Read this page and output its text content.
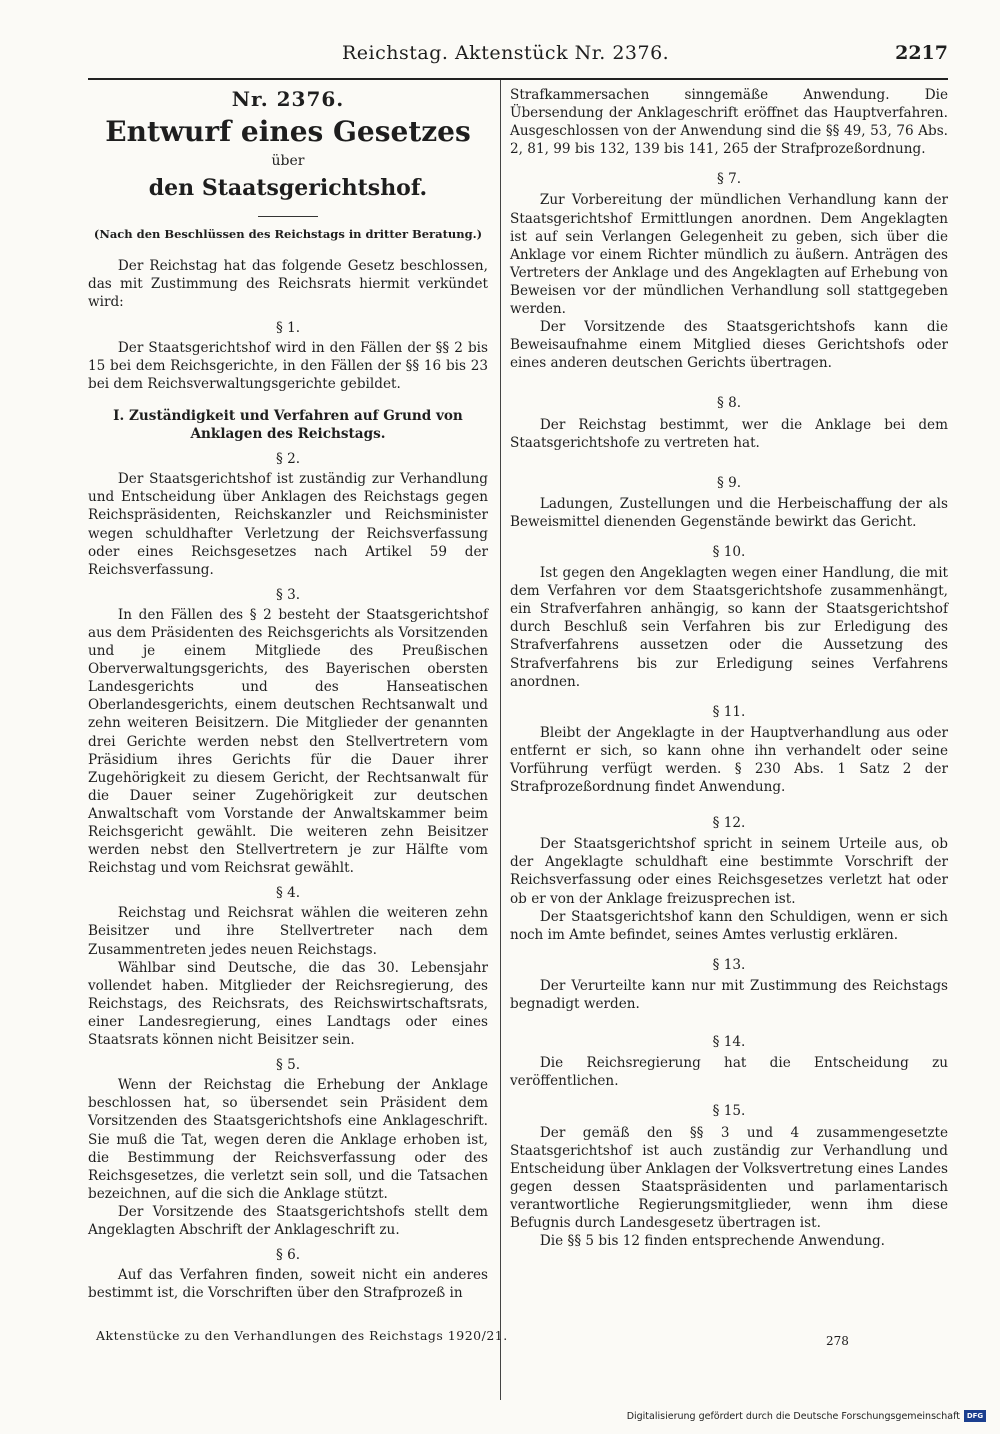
Reichstag. Aktenstück Nr. 2376.	2217
Nr. 2376.
Entwurf eines Gesetzes
über
den Staatsgerichtshof.
(Nach den Beschlüssen des Reichstags in dritter Beratung.)

Der Reichstag hat das folgende Gesetz beschlossen, das mit Zustimmung des Reichsrats hiermit verkündet wird:

§ 1.

Der Staatsgerichtshof wird in den Fällen der §§ 2 bis 15 bei dem Reichsgerichte, in den Fällen der §§ 16 bis 23 bei dem Reichsverwaltungsgerichte gebildet.

I. Zuständigkeit und Verfahren auf Grund von Anklagen des Reichstags.
§ 2.

Der Staatsgerichtshof ist zuständig zur Verhandlung und Entscheidung über Anklagen des Reichstags gegen Reichspräsidenten, Reichskanzler und Reichsminister wegen schuldhafter Verletzung der Reichsverfassung oder eines Reichsgesetzes nach Artikel 59 der Reichsverfassung.

§ 3.

In den Fällen des § 2 besteht der Staatsgerichtshof aus dem Präsidenten des Reichsgerichts als Vorsitzenden und je einem Mitgliede des Preußischen Oberverwaltungsgerichts, des Bayerischen obersten Landesgerichts und des Hanseatischen Oberlandesgerichts, einem deutschen Rechtsanwalt und zehn weiteren Beisitzern. Die Mitglieder der genannten drei Gerichte werden nebst den Stellvertretern vom Präsidium ihres Gerichts für die Dauer ihrer Zugehörigkeit zu diesem Gericht, der Rechtsanwalt für die Dauer seiner Zugehörigkeit zur deutschen Anwaltschaft vom Vorstande der Anwaltskammer beim Reichsgericht gewählt. Die weiteren zehn Beisitzer werden nebst den Stellvertretern je zur Hälfte vom Reichstag und vom Reichsrat gewählt.

§ 4.

Reichstag und Reichsrat wählen die weiteren zehn Beisitzer und ihre Stellvertreter nach dem Zusammentreten jedes neuen Reichstags.

Wählbar sind Deutsche, die das 30. Lebensjahr vollendet haben. Mitglieder der Reichsregierung, des Reichstags, des Reichsrats, des Reichswirtschaftsrats, einer Landesregierung, eines Landtags oder eines Staatsrats können nicht Beisitzer sein.

§ 5.

Wenn der Reichstag die Erhebung der Anklage beschlossen hat, so übersendet sein Präsident dem Vorsitzenden des Staatsgerichtshofs eine Anklageschrift. Sie muß die Tat, wegen deren die Anklage erhoben ist, die Bestimmung der Reichsverfassung oder des Reichsgesetzes, die verletzt sein soll, und die Tatsachen bezeichnen, auf die sich die Anklage stützt.

Der Vorsitzende des Staatsgerichtshofs stellt dem Angeklagten Abschrift der Anklageschrift zu.

§ 6.

Auf das Verfahren finden, soweit nicht ein anderes bestimmt ist, die Vorschriften über den Strafprozeß in

Strafkammersachen sinngemäße Anwendung. Die Übersendung der Anklageschrift eröffnet das Hauptverfahren. Ausgeschlossen von der Anwendung sind die §§ 49, 53, 76 Abs. 2, 81, 99 bis 132, 139 bis 141, 265 der Strafprozeßordnung.

§ 7.

Zur Vorbereitung der mündlichen Verhandlung kann der Staatsgerichtshof Ermittlungen anordnen. Dem Angeklagten ist auf sein Verlangen Gelegenheit zu geben, sich über die Anklage vor einem Richter mündlich zu äußern. Anträgen des Vertreters der Anklage und des Angeklagten auf Erhebung von Beweisen vor der mündlichen Verhandlung soll stattgegeben werden.

Der Vorsitzende des Staatsgerichtshofs kann die Beweisaufnahme einem Mitglied dieses Gerichtshofs oder eines anderen deutschen Gerichts übertragen.

§ 8.

Der Reichstag bestimmt, wer die Anklage bei dem Staatsgerichtshofe zu vertreten hat.

§ 9.

Ladungen, Zustellungen und die Herbeischaffung der als Beweismittel dienenden Gegenstände bewirkt das Gericht.

§ 10.

Ist gegen den Angeklagten wegen einer Handlung, die mit dem Verfahren vor dem Staatsgerichtshofe zusammenhängt, ein Strafverfahren anhängig, so kann der Staatsgerichtshof durch Beschluß sein Verfahren bis zur Erledigung des Strafverfahrens aussetzen oder die Aussetzung des Strafverfahrens bis zur Erledigung seines Verfahrens anordnen.

§ 11.

Bleibt der Angeklagte in der Hauptverhandlung aus oder entfernt er sich, so kann ohne ihn verhandelt oder seine Vorführung verfügt werden. § 230 Abs. 1 Satz 2 der Strafprozeßordnung findet Anwendung.

§ 12.

Der Staatsgerichtshof spricht in seinem Urteile aus, ob der Angeklagte schuldhaft eine bestimmte Vorschrift der Reichsverfassung oder eines Reichsgesetzes verletzt hat oder ob er von der Anklage freizusprechen ist.

Der Staatsgerichtshof kann den Schuldigen, wenn er sich noch im Amte befindet, seines Amtes verlustig erklären.

§ 13.

Der Verurteilte kann nur mit Zustimmung des Reichstags begnadigt werden.

§ 14.

Die Reichsregierung hat die Entscheidung zu veröffentlichen.

§ 15.

Der gemäß den §§ 3 und 4 zusammengesetzte Staatsgerichtshof ist auch zuständig zur Verhandlung und Entscheidung über Anklagen der Volksvertretung eines Landes gegen dessen Staatspräsidenten und parlamentarisch verantwortliche Regierungsmitglieder, wenn ihm diese Befugnis durch Landesgesetz übertragen ist.

Die §§ 5 bis 12 finden entsprechende Anwendung.

Aktenstücke zu den Verhandlungen des Reichstags 1920/21.	278
Digitalisierung gefördert durch die Deutsche Forschungsgemeinschaft DFG
